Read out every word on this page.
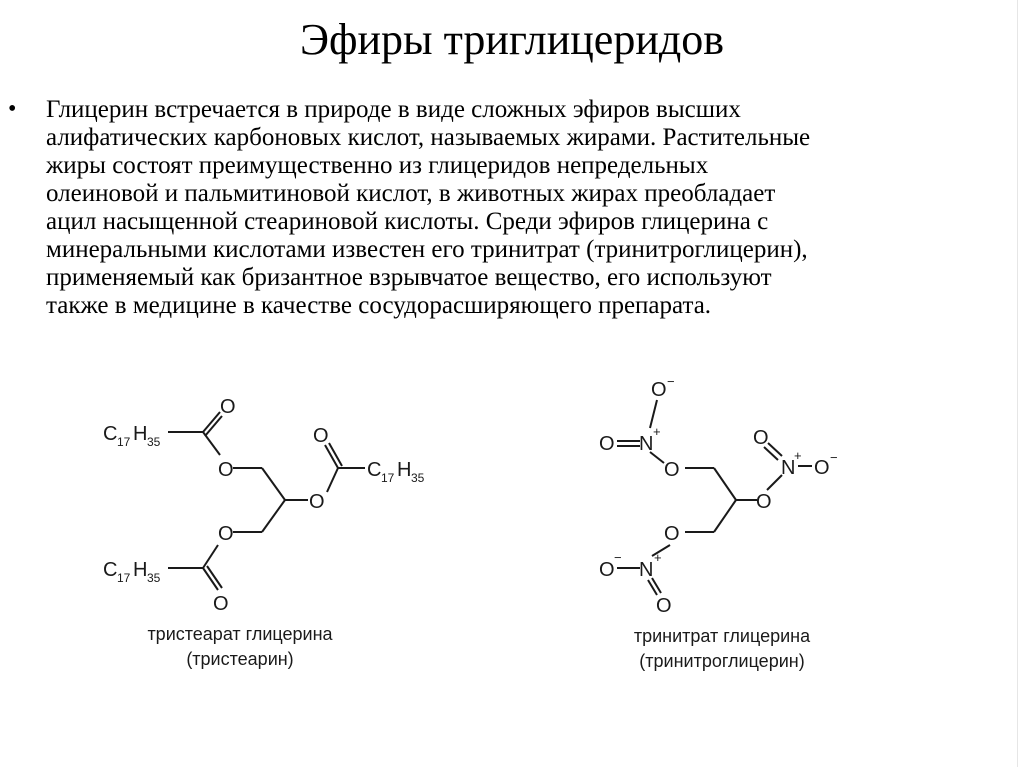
Эфиры триглицеридов
• Глицерин встречается в природе в виде сложных эфиров высших
алифатических карбоновых кислот, называемых жирами. Растительные
жиры состоят преимущественно из глицеридов непредельных
олеиновой и пальмитиновой кислот, в животных жирах преобладает
ацил насыщенной стеариновой кислоты. Среди эфиров глицерина с
минеральными кислотами известен его тринитрат (тринитроглицерин),
применяемый как бризантное взрывчатое вещество, его используют
также в медицине в качестве сосудорасширяющего препарата.
C 17 H 35
O
O
O
O
C 17 H 35
O
C 17 H 35
O
O −
N
+
O
O
O
O
N
+
O −
O
N
+
O
−
O
тристеарат глицерина
(тристеарин)
тринитрат глицерина
(тринитроглицерин)
